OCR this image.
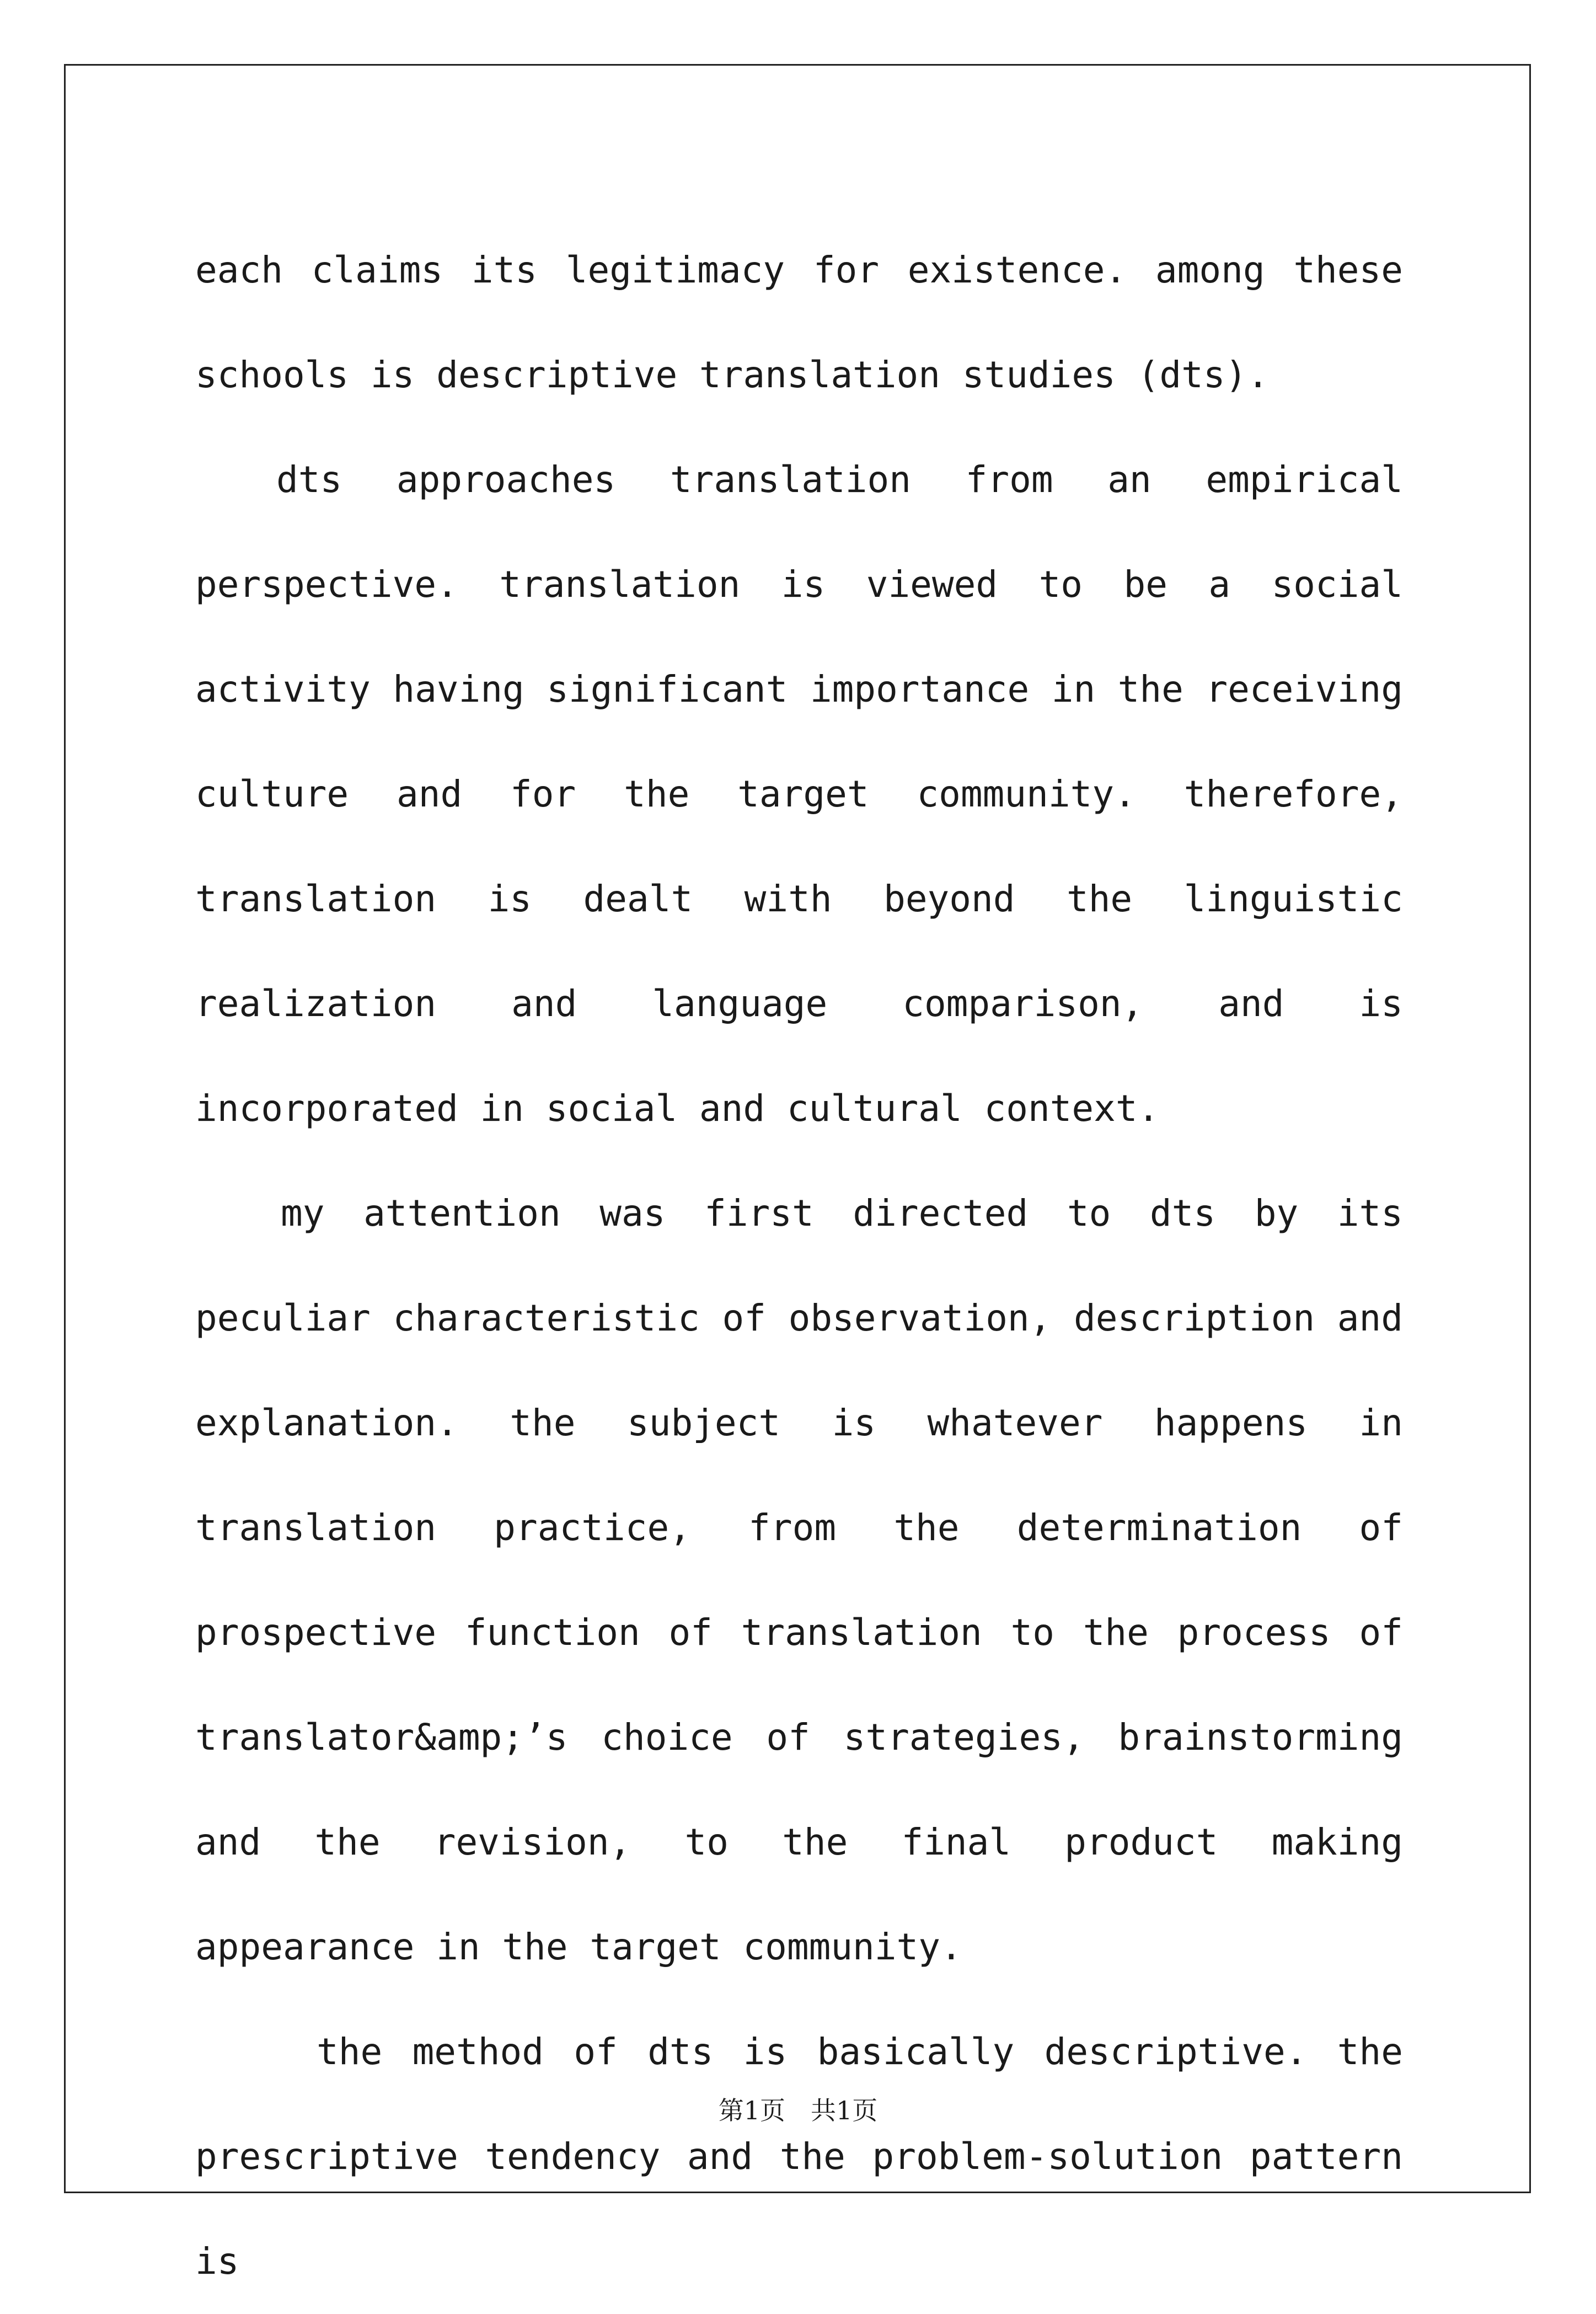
each claims its legitimacy for existence. among these schools is descriptive translation studies (dts).

dts approaches translation from an empirical perspective. translation is viewed to be a social activity having significant importance in the receiving culture and for the target community. therefore, translation is dealt with beyond the linguistic realization and language comparison, and is incorporated in social and cultural context.

my attention was first directed to dts by its peculiar characteristic of observation, description and explanation. the subject is whatever happens in translation practice, from the determination of prospective function of translation to the process of translator&amp;’s choice of strategies, brainstorming and the revision, to the final product making appearance in the target community.

the method of dts is basically descriptive. the prescriptive tendency and the problem-solution pattern is

第1页　共1页
